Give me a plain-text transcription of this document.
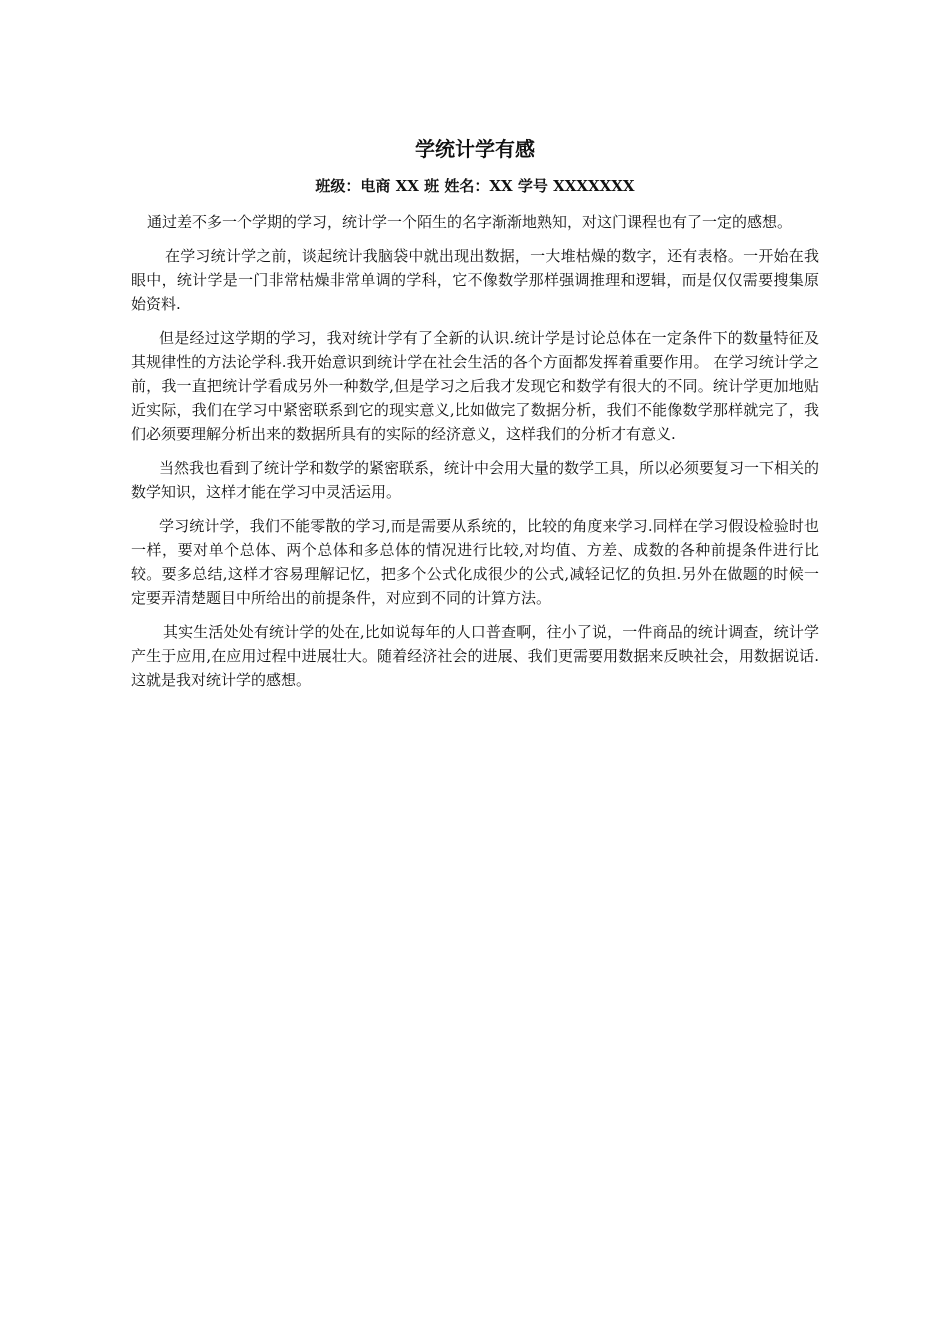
学统计学有感
班级：电商 XX 班 姓名：XX 学号 XXXXXXX

通过差不多一个学期的学习，统计学一个陌生的名字渐渐地熟知，对这门课程也有了一定的感想。

在学习统计学之前，谈起统计我脑袋中就出现出数据，一大堆枯燥的数字，还有表格。一开始在我眼中，统计学是一门非常枯燥非常单调的学科，它不像数学那样强调推理和逻辑，而是仅仅需要搜集原始资料.

但是经过这学期的学习，我对统计学有了全新的认识.统计学是讨论总体在一定条件下的数量特征及其规律性的方法论学科.我开始意识到统计学在社会生活的各个方面都发挥着重要作用。 在学习统计学之前，我一直把统计学看成另外一种数学,但是学习之后我才发现它和数学有很大的不同。统计学更加地贴近实际，我们在学习中紧密联系到它的现实意义,比如做完了数据分析，我们不能像数学那样就完了，我们必须要理解分析出来的数据所具有的实际的经济意义，这样我们的分析才有意义.

当然我也看到了统计学和数学的紧密联系，统计中会用大量的数学工具，所以必须要复习一下相关的数学知识，这样才能在学习中灵活运用。

学习统计学，我们不能零散的学习,而是需要从系统的，比较的角度来学习.同样在学习假设检验时也一样，要对单个总体、两个总体和多总体的情况进行比较,对均值、方差、成数的各种前提条件进行比较。要多总结,这样才容易理解记忆，把多个公式化成很少的公式,减轻记忆的负担.另外在做题的时候一定要弄清楚题目中所给出的前提条件，对应到不同的计算方法。

其实生活处处有统计学的处在,比如说每年的人口普查啊，往小了说，一件商品的统计调查，统计学产生于应用,在应用过程中进展壮大。随着经济社会的进展、我们更需要用数据来反映社会，用数据说话.这就是我对统计学的感想。
